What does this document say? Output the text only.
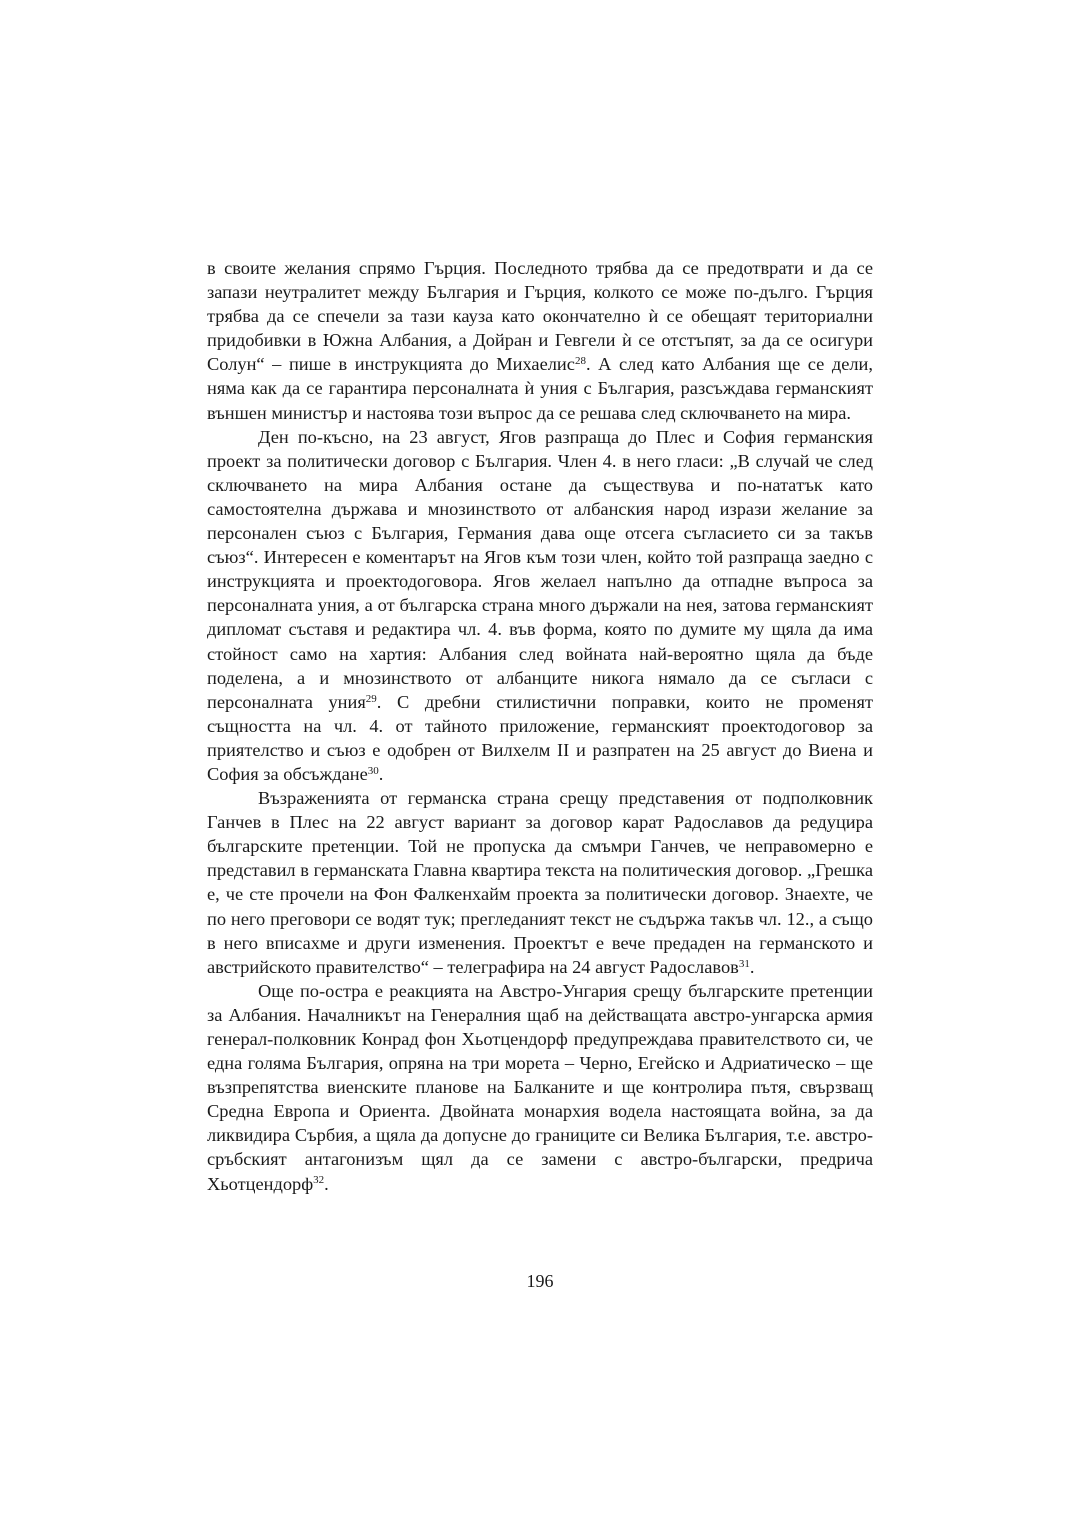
в своите желания спрямо Гърция. Последното трябва да се предотврати и да се запази неутралитет между България и Гърция, колкото се може по-дълго. Гърция трябва да се спечели за тази кауза като окончателно ѝ се обещаят териториални придобивки в Южна Албания, а Дойран и Гевгели ѝ се отстъпят, за да се осигури Солун“ – пише в инструкцията до Михаелис$^{28}$. А след като Албания ще се дели, няма как да се гарантира персоналната ѝ уния с България, разсъждава германският външен министър и настоява този въпрос да се решава след сключването на мира.

Ден по-късно, на 23 август, Ягов разпраща до Плес и София германския проект за политически договор с България. Член 4. в него гласи: „В случай че след сключването на мира Албания остане да съществува и по-натaтък като самостоятелна държава и мнозинството от албанския народ изрази желание за персонален съюз с България, Германия дава още отсега съгласието си за такъв съюз“. Интересен е коментарът на Ягов към този член, който той разпраща заедно с инструкцията и проектодоговора. Ягов желаел напълно да отпадне въпроса за персоналната уния, а от българска страна много държали на нея, затова германският дипломат съставя и редактира чл. 4. във форма, която по думите му щяла да има стойност само на хартия: Албания след войната най-вероятно щяла да бъде поделена, а и мнозинството от албанците никога нямало да се съгласи с персоналната уния$^{29}$. С дребни стилистични поправки, които не променят същността на чл. 4. от тайното приложение, германският проектодоговор за приятелство и съюз е одобрен от Вилхелм II и разпратен на 25 август до Виена и София за обсъждане$^{30}$.

Възраженията от германска страна срещу представения от подполковник Ганчев в Плес на 22 август вариант за договор карат Радославов да редуцира българските претенции. Той не пропуска да смъмри Ганчев, че неправомерно е представил в германската Главна квартира текста на политическия договор. „Грешка е, че сте прочели на Фон Фалкенхайм проекта за политически договор. Знаехте, че по него преговори се водят тук; прегледаният текст не съдържа такъв чл. 12., а също в него вписахме и други изменения. Проектът е вече предаден на германското и австрийското правителство“ – телеграфира на 24 август Радославов$^{31}$.

Още по-остра е реакцията на Австро-Унгария срещу българските претенции за Албания. Началникът на Генералния щаб на действащата австро-унгарска армия генерал-полковник Конрад фон Хьотцендорф предупреждава правителството си, че една голяма България, опряна на три морета – Черно, Егейско и Адриатическо – ще възпрепятства виенските планове на Балканите и ще контролира пътя, свързващ Средна Европа и Ориента. Двойната монархия водела настоящата война, за да ликвидира Сърбия, а щяла да допусне до границите си Велика България, т.е. австро-сръбският антагонизъм щял да се замени с австро-български, предрича Хьотцендорф$^{32}$.

196
